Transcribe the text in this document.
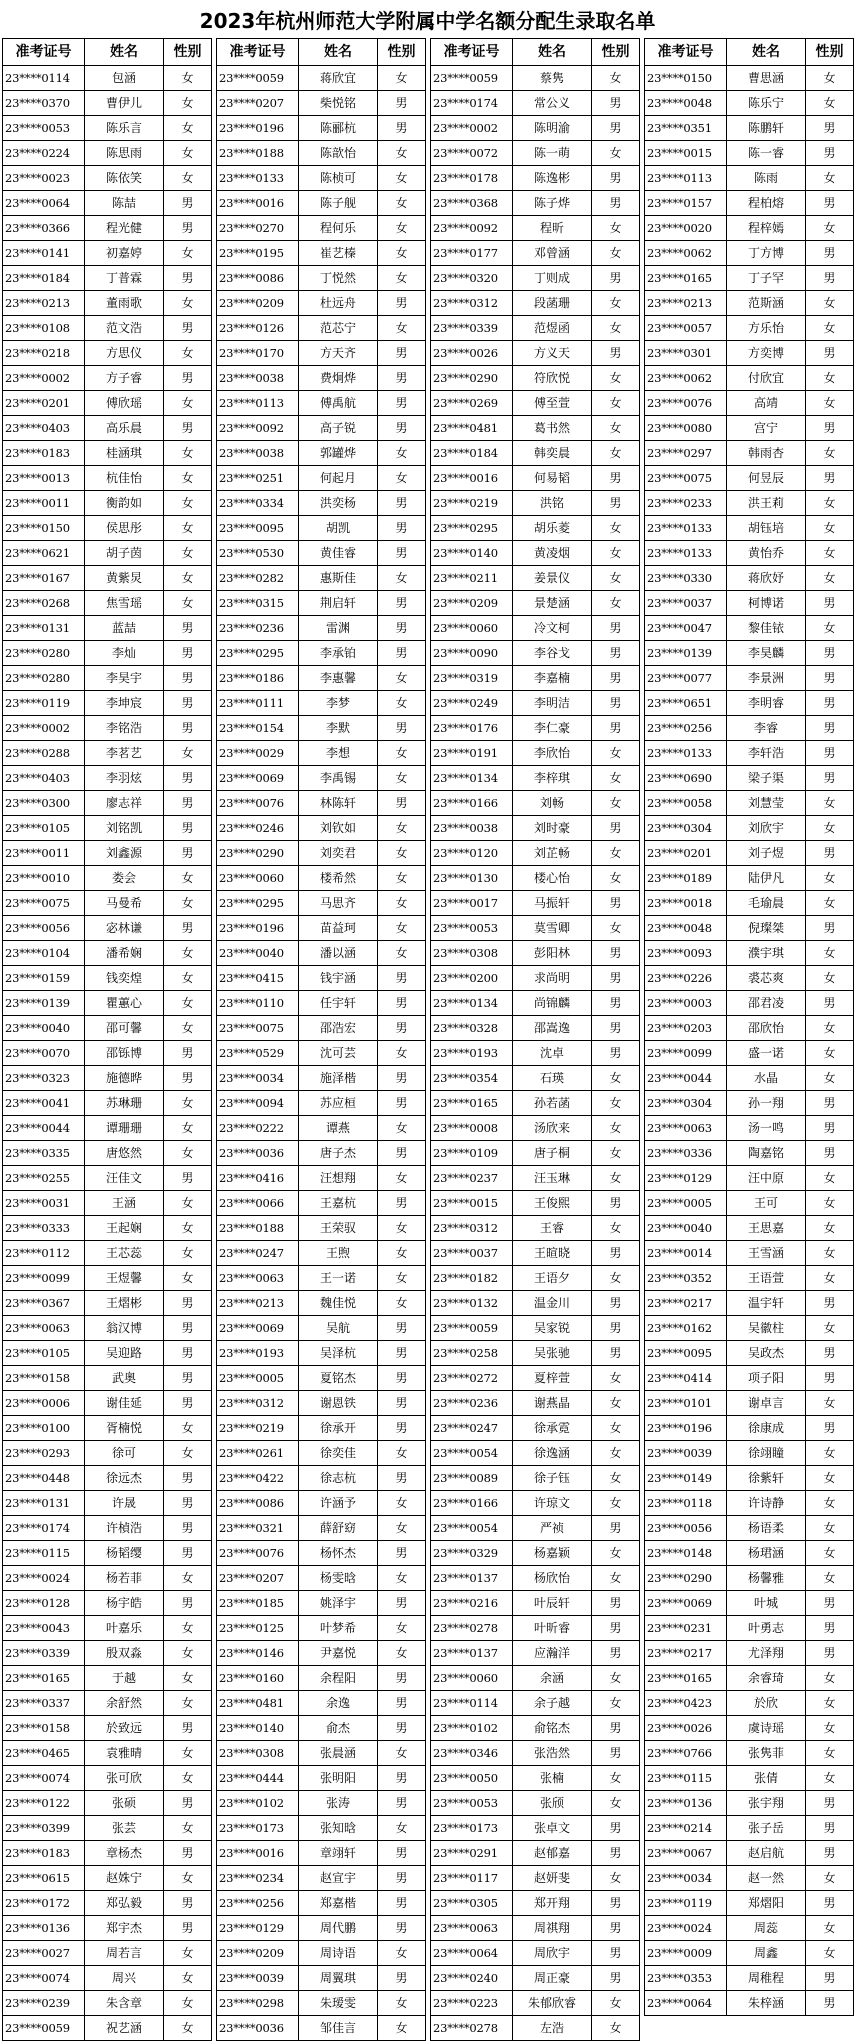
2023年杭州师范大学附属中学名额分配生录取名单
准考证号	姓名	性别
23****0114	包涵	女
23****0370	曹伊儿	女
23****0053	陈乐言	女
23****0224	陈思雨	女
23****0023	陈依笑	女
23****0064	陈喆	男
23****0366	程光健	男
23****0141	初嘉婷	女
23****0184	丁普霖	男
23****0213	董雨歌	女
23****0108	范文浩	男
23****0218	方思仪	女
23****0002	方子睿	男
23****0201	傅欣瑶	女
23****0403	高乐晨	男
23****0183	桂涵琪	女
23****0013	杭佳怡	女
23****0011	衡韵如	女
23****0150	侯思彤	女
23****0621	胡子茵	女
23****0167	黄紫炅	女
23****0268	焦雪瑶	女
23****0131	蓝喆	男
23****0280	李灿	男
23****0280	李昊宇	男
23****0119	李坤宸	男
23****0002	李铭浩	男
23****0288	李茗艺	女
23****0403	李羽炫	男
23****0300	廖志祥	男
23****0105	刘铭凯	男
23****0011	刘鑫源	男
23****0010	娄会	女
23****0075	马曼希	女
23****0056	宓林谦	男
23****0104	潘希娴	女
23****0159	钱奕煌	女
23****0139	瞿蕙心	女
23****0040	邵可馨	女
23****0070	邵铄博	男
23****0323	施德晔	男
23****0041	苏琳珊	女
23****0044	谭珊珊	女
23****0335	唐悠然	女
23****0255	汪佳文	男
23****0031	王涵	女
23****0333	王起娴	女
23****0112	王芯蕊	女
23****0099	王煜馨	女
23****0367	王熠彬	男
23****0063	翁汉博	男
23****0105	吴迎路	男
23****0158	武奥	男
23****0006	谢佳延	男
23****0100	胥楠悦	女
23****0293	徐可	女
23****0448	徐远杰	男
23****0131	许晟	男
23****0174	许楨浩	男
23****0115	杨韬缨	男
23****0024	杨若菲	女
23****0128	杨宇皓	男
23****0043	叶嘉乐	女
23****0339	殷双淼	女
23****0165	于越	女
23****0337	余舒然	女
23****0158	於致远	男
23****0465	袁雅晴	女
23****0074	张可欣	女
23****0122	张硕	男
23****0399	张芸	女
23****0183	章杨杰	男
23****0615	赵姝宁	女
23****0172	郑弘毅	男
23****0136	郑宇杰	男
23****0027	周若言	女
23****0074	周兴	女
23****0239	朱含章	女
23****0059	祝艺涵	女
准考证号	姓名	性别
23****0059	蒋欣宜	女
23****0207	柴悦铭	男
23****0196	陈郦杭	男
23****0188	陈歆怡	女
23****0133	陈桢可	女
23****0016	陈子舰	女
23****0270	程何乐	女
23****0195	崔艺榛	女
23****0086	丁悦然	女
23****0209	杜远舟	男
23****0126	范芯宁	女
23****0170	方天齐	男
23****0038	费炯烨	男
23****0113	傅禹航	男
23****0092	高子锐	男
23****0038	郭罐烨	女
23****0251	何起月	女
23****0334	洪奕杨	男
23****0095	胡凯	男
23****0530	黄佳睿	男
23****0282	惠斯佳	女
23****0315	荆启轩	男
23****0236	雷渊	男
23****0295	李承铂	男
23****0186	李惠馨	女
23****0111	李梦	女
23****0154	李默	男
23****0029	李想	女
23****0069	李禹锡	女
23****0076	林陈轩	男
23****0246	刘钦如	女
23****0290	刘奕君	女
23****0060	楼希然	女
23****0295	马思齐	女
23****0196	苗益珂	女
23****0040	潘以涵	女
23****0415	钱宇涵	男
23****0110	任宇轩	男
23****0075	邵浩宏	男
23****0529	沈可芸	女
23****0034	施泽楷	男
23****0094	苏应桓	男
23****0222	谭燕	女
23****0036	唐子杰	男
23****0416	汪想翔	女
23****0066	王嘉杭	男
23****0188	王荣驭	女
23****0247	王煦	女
23****0063	王一诺	女
23****0213	魏佳悦	女
23****0069	吴航	男
23****0193	吴泽杭	男
23****0005	夏铭杰	男
23****0312	谢恩铁	男
23****0219	徐承开	男
23****0261	徐奕佳	女
23****0422	徐志杭	男
23****0086	许涵予	女
23****0321	薛舒窈	女
23****0076	杨怀杰	男
23****0207	杨雯晗	女
23****0185	姚泽宇	男
23****0125	叶梦希	女
23****0146	尹嘉悦	女
23****0160	余程阳	男
23****0481	余逸	男
23****0140	俞杰	男
23****0308	张晨涵	女
23****0444	张明阳	男
23****0102	张涛	男
23****0173	张知晗	女
23****0016	章翊轩	男
23****0234	赵宣宇	男
23****0256	郑嘉楷	男
23****0129	周代鹏	男
23****0209	周诗语	女
23****0039	周翼琪	男
23****0298	朱瑷雯	女
23****0036	邹佳言	女
准考证号	姓名	性别
23****0059	蔡隽	女
23****0174	常公义	男
23****0002	陈明渝	男
23****0072	陈一萌	女
23****0178	陈逸彬	男
23****0368	陈子烨	男
23****0092	程昕	女
23****0177	邓曾涵	女
23****0320	丁则成	男
23****0312	段菡珊	女
23****0339	范煜函	女
23****0026	方义天	男
23****0290	符欣悦	女
23****0269	傅至萱	女
23****0481	葛书然	女
23****0184	韩奕晨	女
23****0016	何易韬	男
23****0219	洪铭	男
23****0295	胡乐菱	女
23****0140	黄凌烟	女
23****0211	姜景仪	女
23****0209	景楚涵	女
23****0060	冷文柯	男
23****0090	李谷戈	男
23****0319	李嘉楠	男
23****0249	李明洁	男
23****0176	李仁豪	男
23****0191	李欣怡	女
23****0134	李梓琪	女
23****0166	刘畅	女
23****0038	刘时豪	男
23****0120	刘芷畅	女
23****0130	楼心怡	女
23****0017	马振轩	男
23****0053	莫雪卿	女
23****0308	彭阳林	男
23****0200	求尚明	男
23****0134	尚锦麟	男
23****0328	邵嵩逸	男
23****0193	沈卓	男
23****0354	石瑛	女
23****0165	孙若菡	女
23****0008	汤欣来	女
23****0109	唐子桐	女
23****0237	汪玉琳	女
23****0015	王俊熙	男
23****0312	王睿	女
23****0037	王暄晓	男
23****0182	王语夕	女
23****0132	温金川	男
23****0059	吴家锐	男
23****0258	吴张驰	男
23****0272	夏梓萱	女
23****0236	谢燕晶	女
23****0247	徐承霓	女
23****0054	徐逸涵	女
23****0089	徐子钰	女
23****0166	许琼文	女
23****0054	严祯	男
23****0329	杨嘉颖	女
23****0137	杨欣怡	女
23****0216	叶辰轩	男
23****0278	叶昕睿	男
23****0137	应瀚洋	男
23****0060	余涵	女
23****0114	余子越	女
23****0102	俞铭杰	男
23****0346	张浩然	男
23****0050	张楠	女
23****0053	张颀	女
23****0173	张卓文	男
23****0291	赵郁嘉	男
23****0117	赵妍斐	女
23****0305	郑开翔	男
23****0063	周祺翔	男
23****0064	周欣宇	男
23****0240	周正豪	男
23****0223	朱郁欣睿	女
23****0278	左浩	女
准考证号	姓名	性别
23****0150	曹思涵	女
23****0048	陈乐宁	女
23****0351	陈鹏轩	男
23****0015	陈一睿	男
23****0113	陈雨	女
23****0157	程柏熔	男
23****0020	程梓嫣	女
23****0062	丁方博	男
23****0165	丁子罕	男
23****0213	范斯涵	女
23****0057	方乐怡	女
23****0301	方奕博	男
23****0062	付欣宜	女
23****0076	高靖	女
23****0080	宫宁	男
23****0297	韩雨杏	女
23****0075	何昱辰	男
23****0233	洪王莉	女
23****0133	胡钰培	女
23****0133	黄怡乔	女
23****0330	蒋欣妤	女
23****0037	柯博诺	男
23****0047	黎佳铱	女
23****0139	李昊麟	男
23****0077	李景洲	男
23****0651	李明睿	男
23****0256	李睿	男
23****0133	李轩浩	男
23****0690	梁子渠	男
23****0058	刘慧莹	女
23****0304	刘欣宇	女
23****0201	刘子煜	男
23****0189	陆伊凡	女
23****0018	毛瑜晨	女
23****0048	倪璨桀	男
23****0093	濮宇琪	女
23****0226	裘芯爽	女
23****0003	邵君凌	男
23****0203	邵欣怡	女
23****0099	盛一诺	女
23****0044	水晶	女
23****0304	孙一翔	男
23****0063	汤一鸣	男
23****0336	陶嘉铭	男
23****0129	汪中原	女
23****0005	王可	女
23****0040	王思嘉	女
23****0014	王雪涵	女
23****0352	王语萱	女
23****0217	温宇轩	男
23****0162	吴徽柱	女
23****0095	吴政杰	男
23****0414	项子阳	男
23****0101	谢卓言	女
23****0196	徐康成	男
23****0039	徐翊瞳	女
23****0149	徐紫轩	女
23****0118	许诗静	女
23****0056	杨语柔	女
23****0148	杨珺涵	女
23****0290	杨馨雅	女
23****0069	叶城	男
23****0231	叶勇志	男
23****0217	尤泽翔	男
23****0165	余睿琦	女
23****0423	於欣	女
23****0026	虞诗瑶	女
23****0766	张隽菲	女
23****0115	张倩	女
23****0136	张宇翔	男
23****0214	张子岳	男
23****0067	赵启航	男
23****0034	赵一然	女
23****0119	郑熠阳	男
23****0024	周蕊	女
23****0009	周鑫	女
23****0353	周稚程	男
23****0064	朱梓涵	男
